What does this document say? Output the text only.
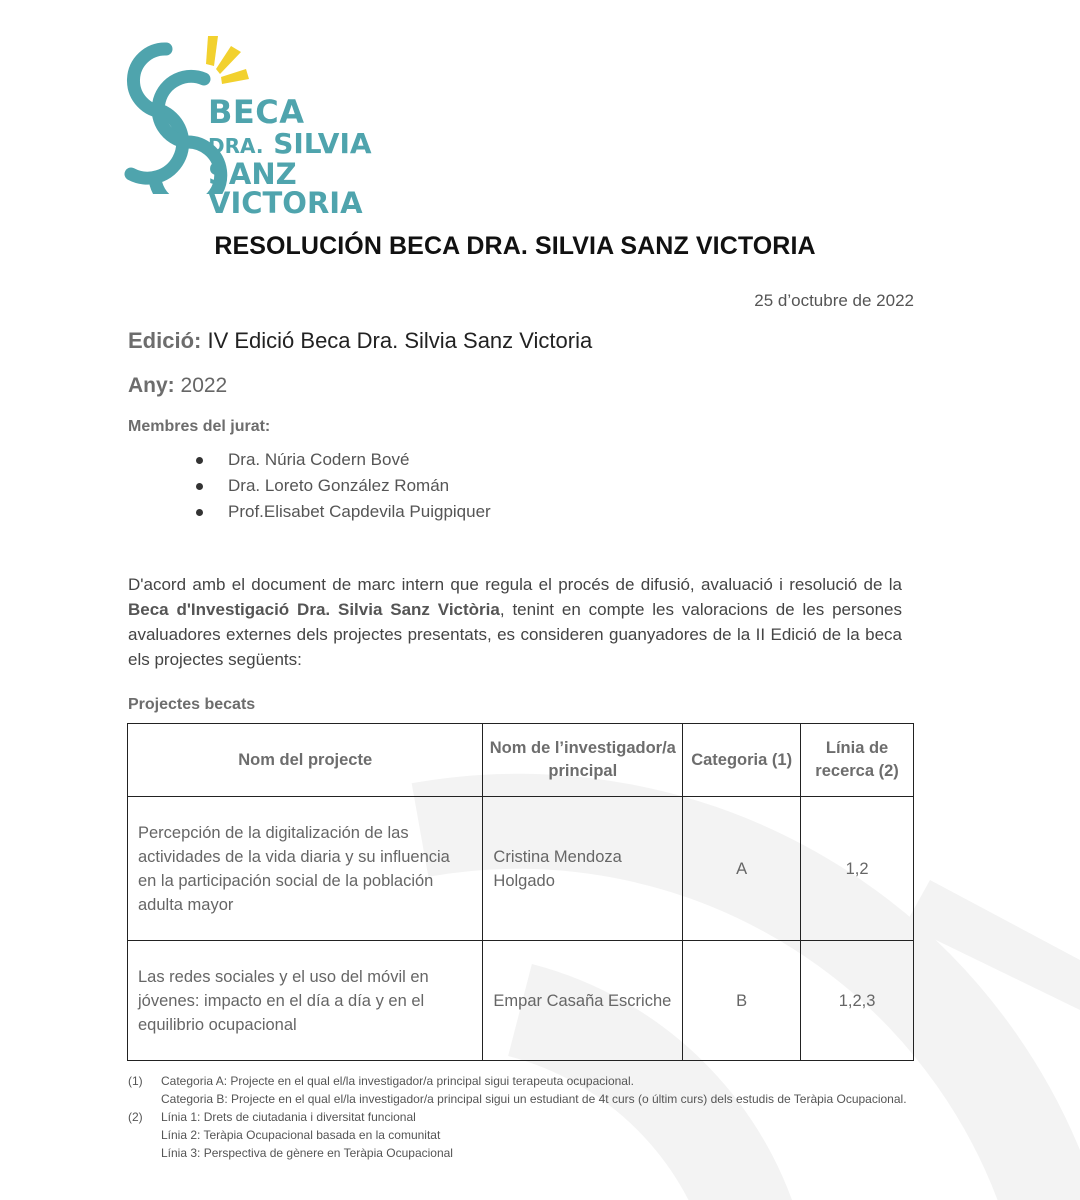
BECA
DRA. SILVIA
SANZ VICTORIA
RESOLUCIÓN BECA DRA. SILVIA SANZ VICTORIA
25 d’octubre de 2022
Edició: IV Edició Beca Dra. Silvia Sanz Victoria
Any: 2022
Membres del jurat:
Dra. Núria Codern Bové
Dra. Loreto González Román
Prof.Elisabet Capdevila Puigpiquer

D'acord amb el document de marc intern que regula el procés de difusió, avaluació i resolució de la Beca d'Investigació Dra. Silvia Sanz Victòria, tenint en compte les valoracions de les persones avaluadores externes dels projectes presentats, es consideren guanyadores de la II Edició de la beca els projectes següents:

Projectes becats
Nom del projecte	Nom de l’investigador/a principal	Categoria (1)	Línia de recerca (2)
Percepción de la digitalización de las actividades de la vida diaria y su influencia en la participación social de la población adulta mayor	Cristina Mendoza Holgado	A	1,2
Las redes sociales y el uso del móvil en jóvenes: impacto en el día a día y en el equilibrio ocupacional	Empar Casaña Escriche	B	1,2,3
(1)	Categoria A: Projecte en el qual el/la investigador/a principal sigui terapeuta ocupacional.
Categoria B: Projecte en el qual el/la investigador/a principal sigui un estudiant de 4t curs (o últim curs) dels estudis de Teràpia Ocupacional.
(2)	Línia 1: Drets de ciutadania i diversitat funcional
Línia 2: Teràpia Ocupacional basada en la comunitat
Línia 3: Perspectiva de gènere en Teràpia Ocupacional
